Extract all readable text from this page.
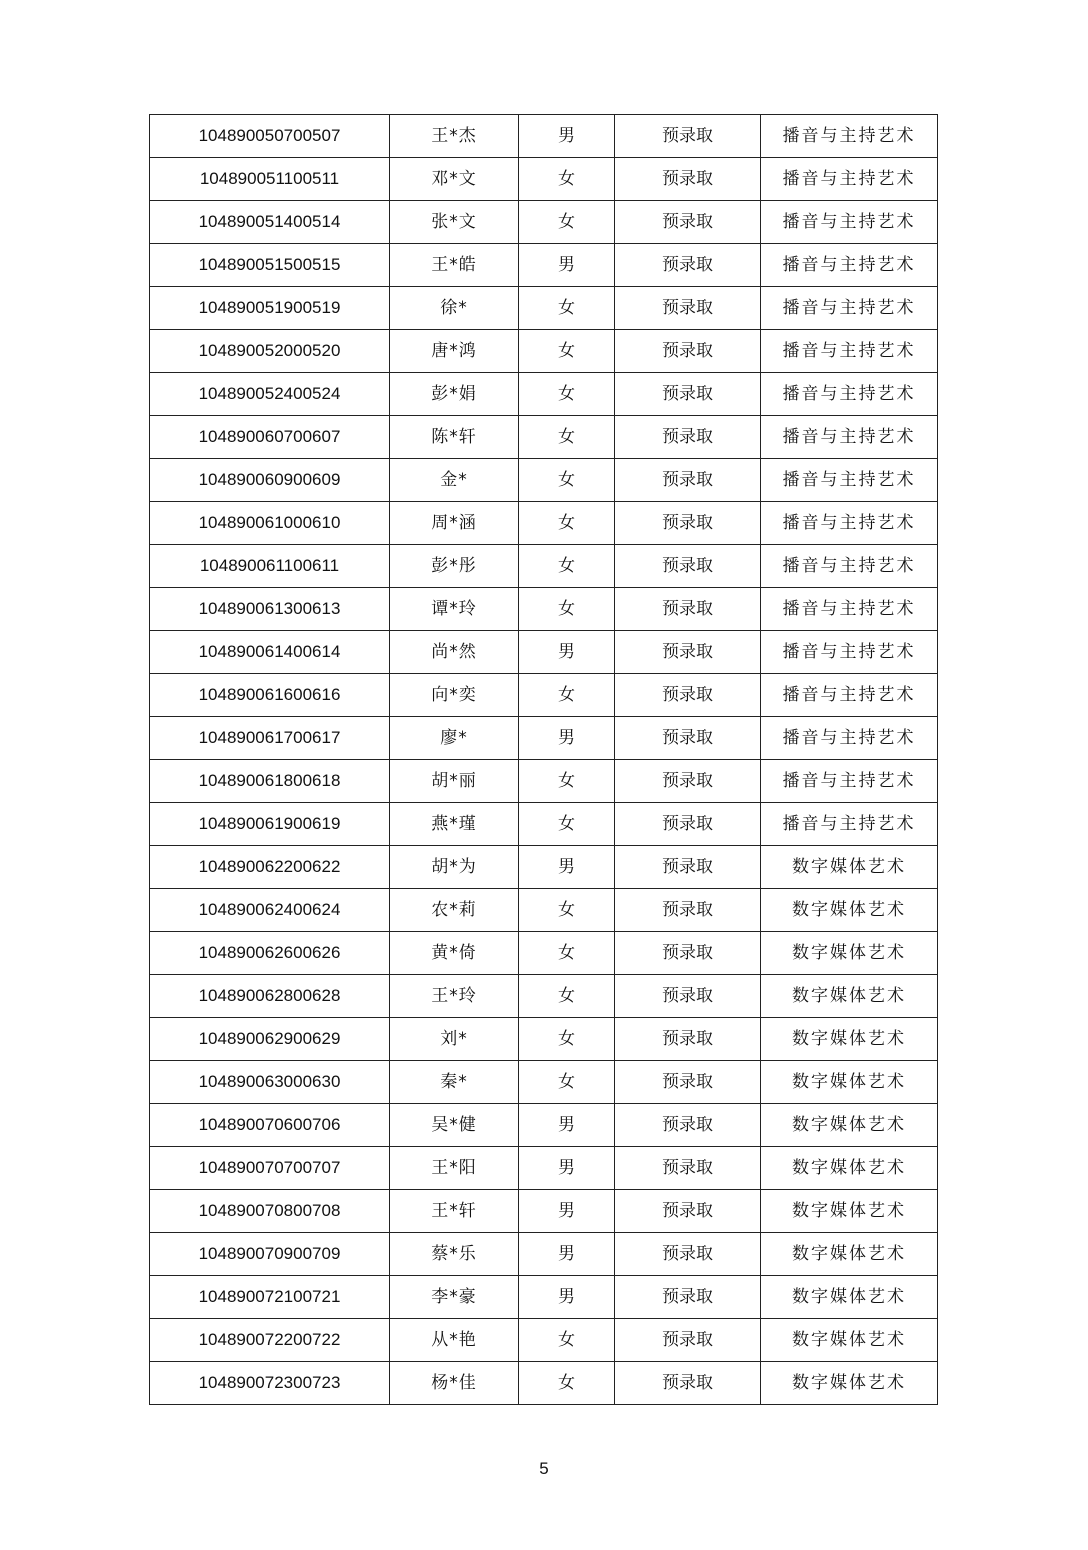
104890050700507	王*杰	男	预录取	播音与主持艺术
104890051100511	邓*文	女	预录取	播音与主持艺术
104890051400514	张*文	女	预录取	播音与主持艺术
104890051500515	王*皓	男	预录取	播音与主持艺术
104890051900519	徐*	女	预录取	播音与主持艺术
104890052000520	唐*鸿	女	预录取	播音与主持艺术
104890052400524	彭*娟	女	预录取	播音与主持艺术
104890060700607	陈*轩	女	预录取	播音与主持艺术
104890060900609	金*	女	预录取	播音与主持艺术
104890061000610	周*涵	女	预录取	播音与主持艺术
104890061100611	彭*彤	女	预录取	播音与主持艺术
104890061300613	谭*玲	女	预录取	播音与主持艺术
104890061400614	尚*然	男	预录取	播音与主持艺术
104890061600616	向*奕	女	预录取	播音与主持艺术
104890061700617	廖*	男	预录取	播音与主持艺术
104890061800618	胡*丽	女	预录取	播音与主持艺术
104890061900619	燕*瑾	女	预录取	播音与主持艺术
104890062200622	胡*为	男	预录取	数字媒体艺术
104890062400624	农*莉	女	预录取	数字媒体艺术
104890062600626	黄*倚	女	预录取	数字媒体艺术
104890062800628	王*玲	女	预录取	数字媒体艺术
104890062900629	刘*	女	预录取	数字媒体艺术
104890063000630	秦*	女	预录取	数字媒体艺术
104890070600706	吴*健	男	预录取	数字媒体艺术
104890070700707	王*阳	男	预录取	数字媒体艺术
104890070800708	王*轩	男	预录取	数字媒体艺术
104890070900709	蔡*乐	男	预录取	数字媒体艺术
104890072100721	李*豪	男	预录取	数字媒体艺术
104890072200722	从*艳	女	预录取	数字媒体艺术
104890072300723	杨*佳	女	预录取	数字媒体艺术
5
